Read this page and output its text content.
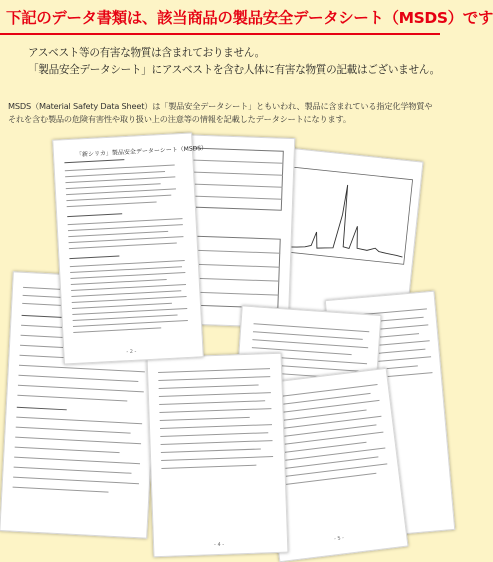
下記のデータ書類は、該当商品の製品安全データシート（MSDS）です
アスベスト等の有害な物質は含まれておりません。
「製品安全データシート」にアスベストを含む人体に有害な物質の記載はございません。
MSDS（Material Safety Data Sheet）は「製品安全データシート」ともいわれ、製品に含まれている指定化学物質やそれを含む製品の危険有害性や取り扱い上の注意等の情報を記載したデータシートになります。
「新シリカ」製品安全データーシート（MSDS）
- 2 -
- 4 -
- 5 -
